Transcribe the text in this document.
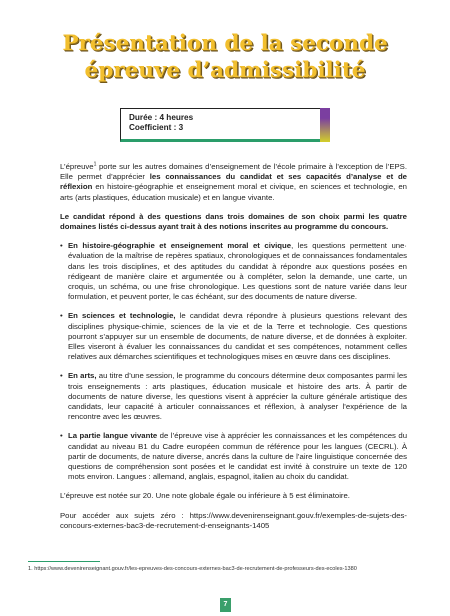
Présentation de la seconde
épreuve d’admissibilité
Durée : 4 heures
Coefficient : 3

L’épreuve$^1$ porte sur les autres domaines d’enseignement de l’école primaire à l’exception de l’EPS. Elle permet d’apprécier les connaissances du candidat et ses capacités d’analyse et de réflexion en histoire-géographie et enseignement moral et civique, en sciences et technologie, en arts (arts plastiques, éducation musicale) et en langue vivante.

Le candidat répond à des questions dans trois domaines de son choix parmi les quatre domaines listés ci-dessus ayant trait à des notions inscrites au programme du concours.

• En histoire-géographie et enseignement moral et civique, les questions permettent une· évaluation de la maîtrise de repères spatiaux, chronologiques et de connaissances fondamentales dans les trois disciplines, et des aptitudes du candidat à répondre aux questions posées en rédigeant de manière claire et argumentée ou à compléter, selon la demande, une carte, un croquis, un schéma, ou une frise chronologique. Les questions sont de nature variée dans leur formulation, et peuvent porter, le cas échéant, sur des documents de nature diverse.
• En sciences et technologie, le candidat devra répondre à plusieurs questions relevant des disciplines physique-chimie, sciences de la vie et de la Terre et technologie. Ces questions pourront s’appuyer sur un ensemble de documents, de nature diverse, et de données à exploiter. Elles viseront à évaluer les connaissances du candidat et ses compétences, notamment celles relatives aux démarches scientifiques et technologiques mises en œuvre dans ces disciplines.
• En arts, au titre d’une session, le programme du concours détermine deux composantes parmi les trois enseignements : arts plastiques, éducation musicale et histoire des arts. À partir de documents de nature diverse, les questions visent à apprécier la culture générale artistique des candidats, leur capacité à articuler connaissances et réflexion, à analyser l’expérience de la rencontre avec les œuvres.
• La partie langue vivante de l’épreuve vise à apprécier les connaissances et les compétences du candidat au niveau B1 du Cadre européen commun de référence pour les langues (CECRL). À partir de documents, de nature diverse, ancrés dans la culture de l’aire linguistique concernée des questions de compréhension sont posées et le candidat est invité à construire un texte de 120 mots environ. Langues : allemand, anglais, espagnol, italien au choix du candidat.

L’épreuve est notée sur 20. Une note globale égale ou inférieure à 5 est éliminatoire.

Pour accéder aux sujets zéro : https://www.devenirenseignant.gouv.fr/exemples-de-sujets-des-concours-externes-bac3-de-recrutement-d-enseignants-1405

1. https://www.devenirenseignant.gouv.fr/les-epreuves-des-concours-externes-bac3-de-recrutement-de-professeurs-des-ecoles-1380
7
